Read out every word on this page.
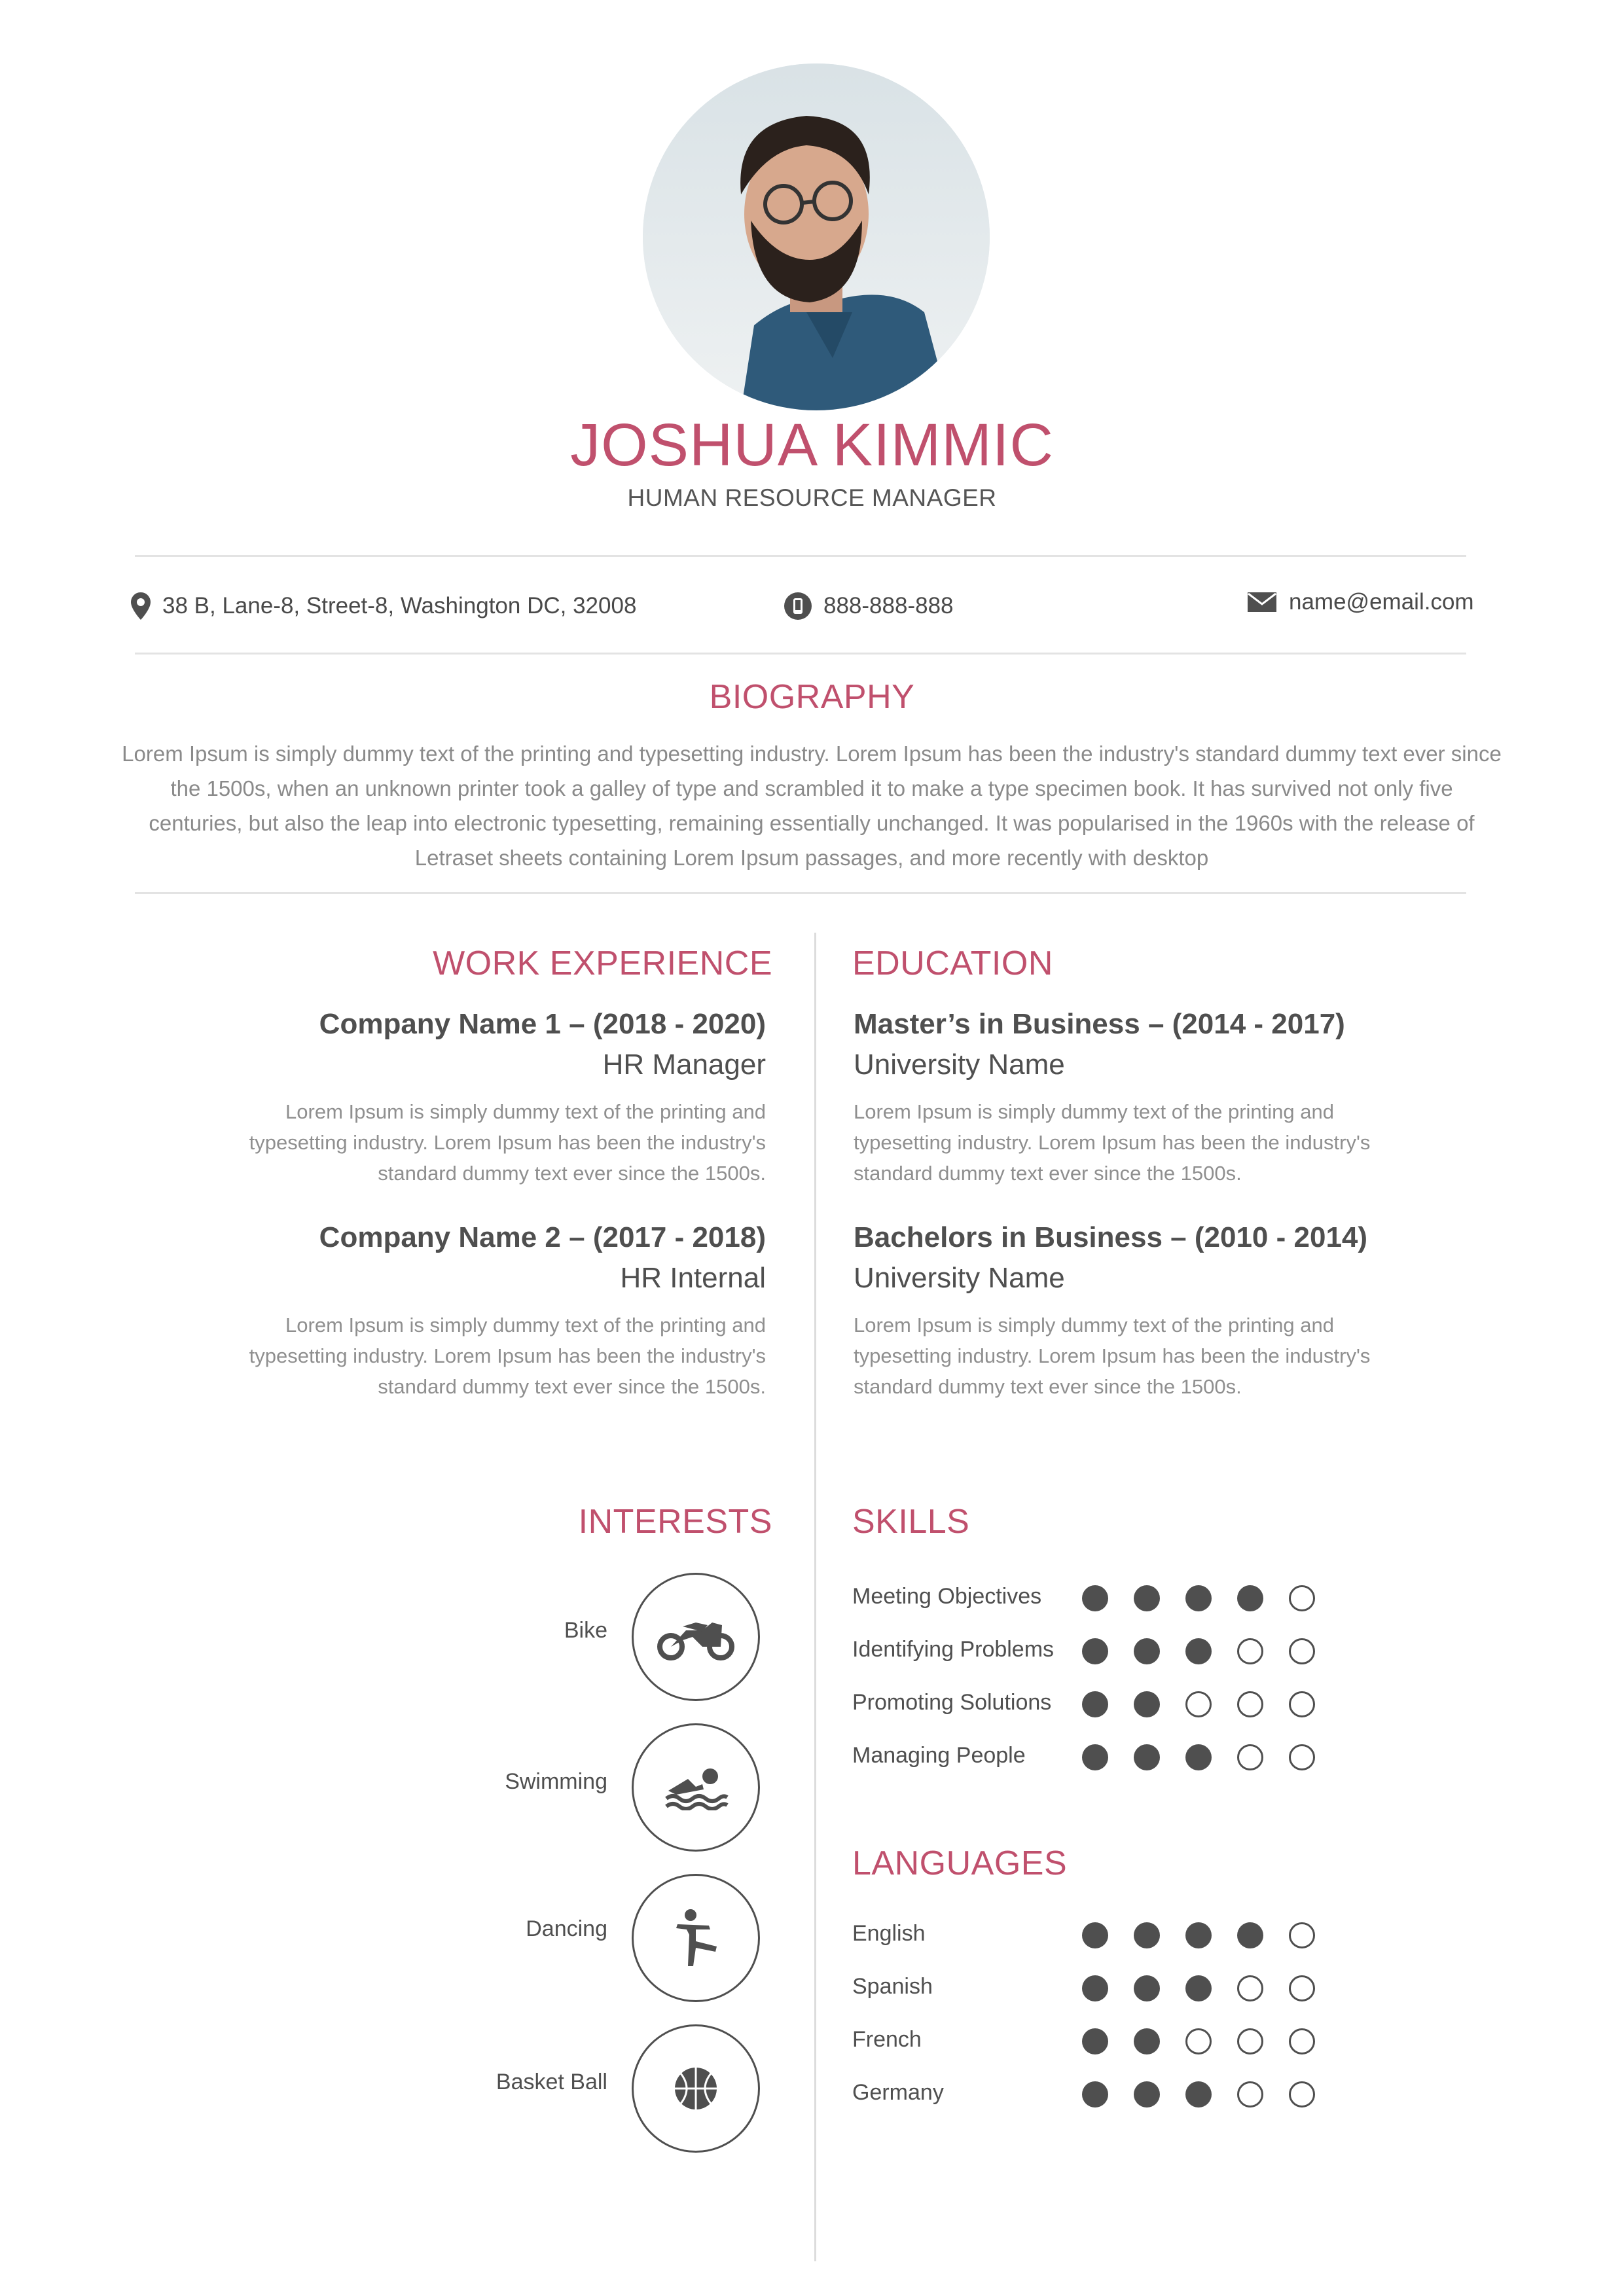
JOSHUA KIMMIC
HUMAN RESOURCE MANAGER
38 B, Lane-8, Street-8, Washington DC, 32008	888-888-888	name@email.com
BIOGRAPHY
Lorem Ipsum is simply dummy text of the printing and typesetting industry. Lorem Ipsum has been the industry's standard dummy text ever since the 1500s, when an unknown printer took a galley of type and scrambled it to make a type specimen book. It has survived not only five centuries, but also the leap into electronic typesetting, remaining essentially unchanged. It was popularised in the 1960s with the release of Letraset sheets containing Lorem Ipsum passages, and more recently with desktop
WORK EXPERIENCE
Company Name 1 – (2018 - 2020)
HR Manager
Lorem Ipsum is simply dummy text of the printing and typesetting industry. Lorem Ipsum has been the industry's standard dummy text ever since the 1500s.
Company Name 2 – (2017 - 2018)
HR Internal
Lorem Ipsum is simply dummy text of the printing and typesetting industry. Lorem Ipsum has been the industry's standard dummy text ever since the 1500s.
EDUCATION
Master’s in Business – (2014 - 2017)
University Name
Lorem Ipsum is simply dummy text of the printing and typesetting industry. Lorem Ipsum has been the industry's standard dummy text ever since the 1500s.
Bachelors in Business – (2010 - 2014)
University Name
Lorem Ipsum is simply dummy text of the printing and typesetting industry. Lorem Ipsum has been the industry's standard dummy text ever since the 1500s.
INTERESTS
Bike
Swimming
Dancing
Basket Ball
SKILLS
Meeting Objectives
Identifying Problems
Promoting Solutions
Managing People
LANGUAGES
English
Spanish
French
Germany
